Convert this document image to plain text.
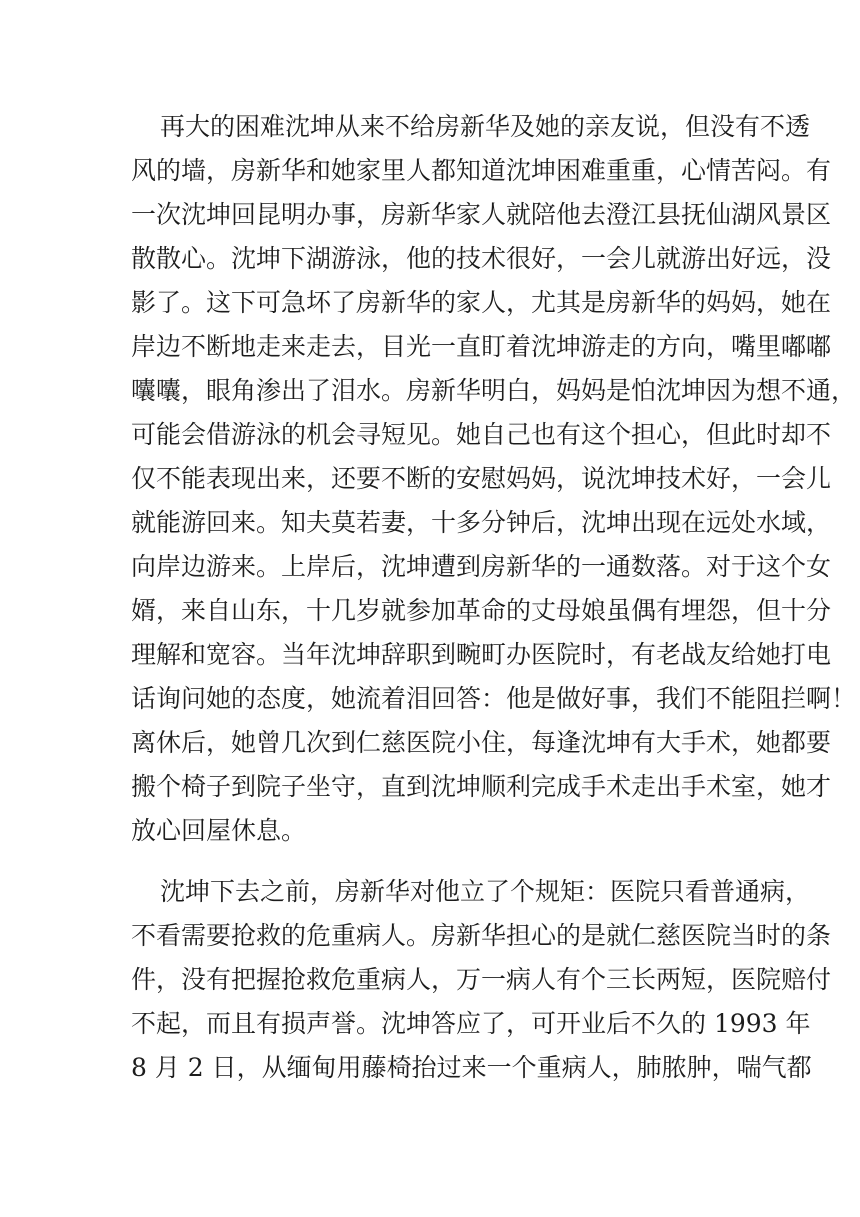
再大的困难沈坤从来不给房新华及她的亲友说，但没有不透
风的墙，房新华和她家里人都知道沈坤困难重重，心情苦闷。有
一次沈坤回昆明办事，房新华家人就陪他去澄江县抚仙湖风景区
散散心。沈坤下湖游泳，他的技术很好，一会儿就游出好远，没
影了。这下可急坏了房新华的家人，尤其是房新华的妈妈，她在
岸边不断地走来走去，目光一直盯着沈坤游走的方向，嘴里嘟嘟
囔囔，眼角渗出了泪水。房新华明白，妈妈是怕沈坤因为想不通，
可能会借游泳的机会寻短见。她自己也有这个担心，但此时却不
仅不能表现出来，还要不断的安慰妈妈，说沈坤技术好，一会儿
就能游回来。知夫莫若妻，十多分钟后，沈坤出现在远处水域，
向岸边游来。上岸后，沈坤遭到房新华的一通数落。对于这个女
婿，来自山东，十几岁就参加革命的丈母娘虽偶有埋怨，但十分
理解和宽容。当年沈坤辞职到畹町办医院时，有老战友给她打电
话询问她的态度，她流着泪回答：他是做好事，我们不能阻拦啊！
离休后，她曾几次到仁慈医院小住，每逢沈坤有大手术，她都要
搬个椅子到院子坐守，直到沈坤顺利完成手术走出手术室，她才
放心回屋休息。
沈坤下去之前，房新华对他立了个规矩：医院只看普通病，
不看需要抢救的危重病人。房新华担心的是就仁慈医院当时的条
件，没有把握抢救危重病人，万一病人有个三长两短，医院赔付
不起，而且有损声誉。沈坤答应了，可开业后不久的 1993 年
8 月 2 日，从缅甸用藤椅抬过来一个重病人，肺脓肿，喘气都
